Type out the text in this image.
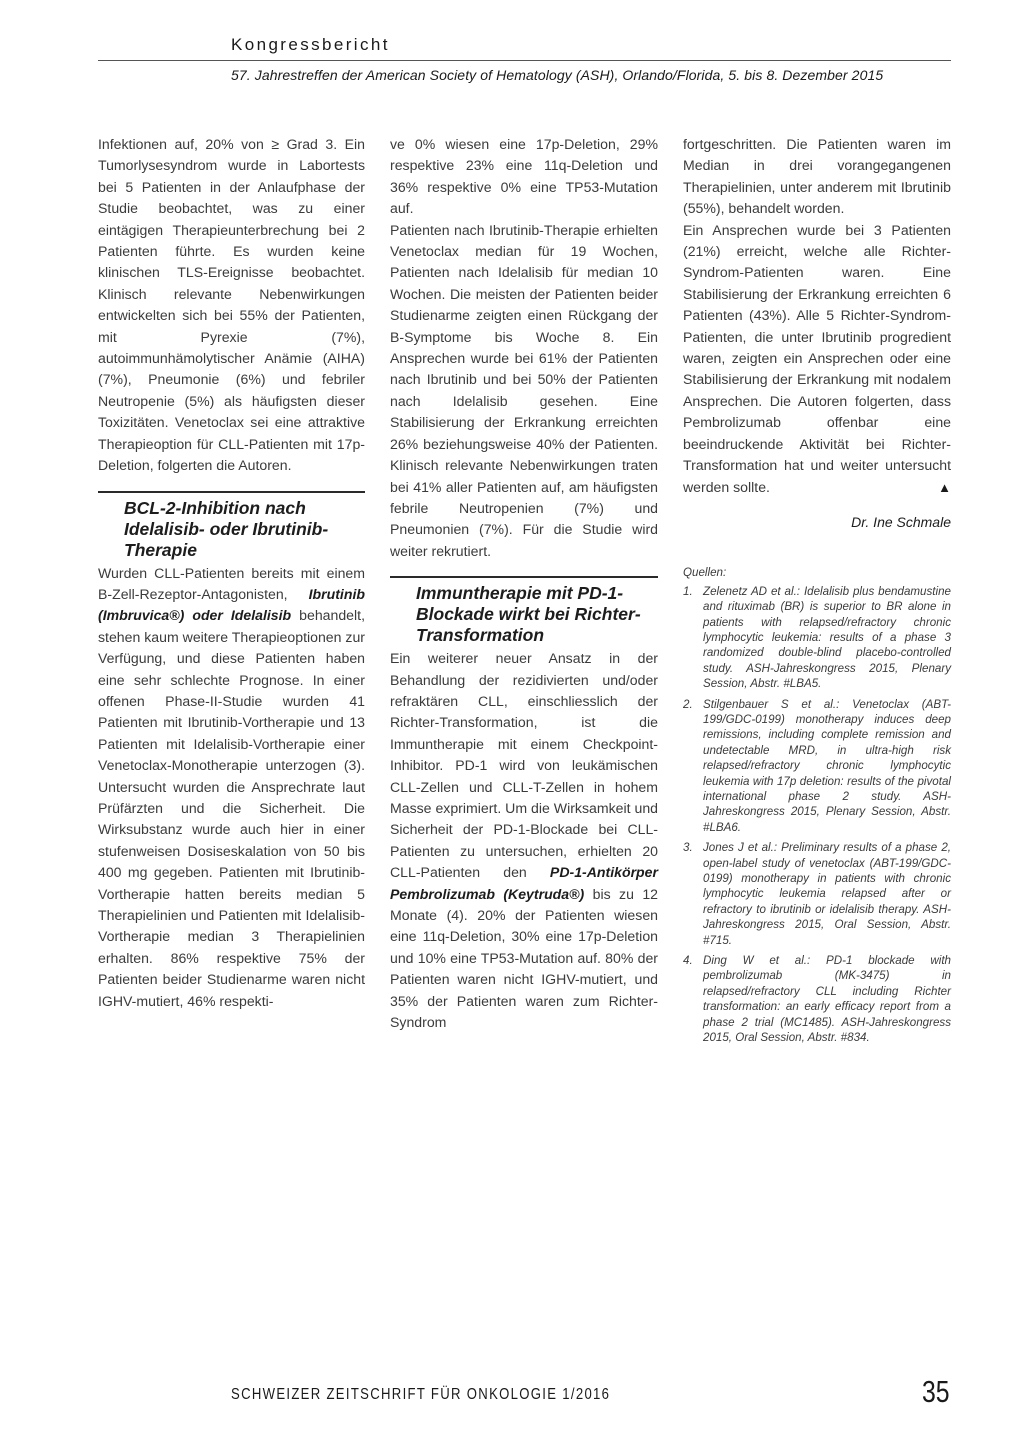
Kongressbericht
57. Jahrestreffen der American Society of Hematology (ASH), Orlando/Florida, 5. bis 8. Dezember 2015

Infektionen auf, 20% von ≥ Grad 3. Ein Tumorlysesyndrom wurde in Labortests bei 5 Patienten in der Anlaufphase der Studie beobachtet, was zu einer eintägigen Therapieunterbrechung bei 2 Patienten führte. Es wurden keine klinischen TLS-Ereignisse beobachtet. Klinisch relevante Nebenwirkungen entwickelten sich bei 55% der Patienten, mit Pyrexie (7%), autoimmunhämolytischer Anämie (AIHA) (7%), Pneumonie (6%) und febriler Neutropenie (5%) als häufigsten dieser Toxizitäten. Venetoclax sei eine attraktive Therapieoption für CLL-Patienten mit 17p-Deletion, folgerten die Autoren.

BCL-2-Inhibition nach Idelalisib- oder Ibrutinib-Therapie

Wurden CLL-Patienten bereits mit einem B-Zell-Rezeptor-Antagonisten, Ibrutinib (Imbruvica®) oder Idelalisib behandelt, stehen kaum weitere Therapieoptionen zur Verfügung, und diese Patienten haben eine sehr schlechte Prognose. In einer offenen Phase-II-Studie wurden 41 Patienten mit Ibrutinib-Vortherapie und 13 Patienten mit Idelalisib-Vortherapie einer Venetoclax-Monotherapie unterzogen (3). Untersucht wurden die Ansprechrate laut Prüfärzten und die Sicherheit. Die Wirksubstanz wurde auch hier in einer stufenweisen Dosiseskalation von 50 bis 400 mg gegeben. Patienten mit Ibrutinib-Vortherapie hatten bereits median 5 Therapielinien und Patienten mit Idelalisib-Vortherapie median 3 Therapielinien erhalten. 86% respektive 75% der Patienten beider Studienarme waren nicht IGHV-mutiert, 46% respekti-

ve 0% wiesen eine 17p-Deletion, 29% respektive 23% eine 11q-Deletion und 36% respektive 0% eine TP53-Mutation auf.

Patienten nach Ibrutinib-Therapie erhielten Venetoclax median für 19 Wochen, Patienten nach Idelalisib für median 10 Wochen. Die meisten der Patienten beider Studienarme zeigten einen Rückgang der B-Symptome bis Woche 8. Ein Ansprechen wurde bei 61% der Patienten nach Ibrutinib und bei 50% der Patienten nach Idelalisib gesehen. Eine Stabilisierung der Erkrankung erreichten 26% beziehungsweise 40% der Patienten. Klinisch relevante Nebenwirkungen traten bei 41% aller Patienten auf, am häufigsten febrile Neutropenien (7%) und Pneumonien (7%). Für die Studie wird weiter rekrutiert.

Immuntherapie mit PD-1-Blockade wirkt bei Richter-Transformation

Ein weiterer neuer Ansatz in der Behandlung der rezidivierten und/oder refraktären CLL, einschliesslich der Richter-Transformation, ist die Immuntherapie mit einem Checkpoint-Inhibitor. PD-1 wird von leukämischen CLL-Zellen und CLL-T-Zellen in hohem Masse exprimiert. Um die Wirksamkeit und Sicherheit der PD-1-Blockade bei CLL-Patienten zu untersuchen, erhielten 20 CLL-Patienten den PD-1-Antikörper Pembrolizumab (Keytruda®) bis zu 12 Monate (4). 20% der Patienten wiesen eine 11q-Deletion, 30% eine 17p-Deletion und 10% eine TP53-Mutation auf. 80% der Patienten waren nicht IGHV-mutiert, und 35% der Patienten waren zum Richter-Syndrom

fortgeschritten. Die Patienten waren im Median in drei vorangegangenen Therapielinien, unter anderem mit Ibrutinib (55%), behandelt worden.

Ein Ansprechen wurde bei 3 Patienten (21%) erreicht, welche alle Richter-Syndrom-Patienten waren. Eine Stabilisierung der Erkrankung erreichten 6 Patienten (43%). Alle 5 Richter-Syndrom-Patienten, die unter Ibrutinib progredient waren, zeigten ein Ansprechen oder eine Stabilisierung der Erkrankung mit nodalem Ansprechen. Die Autoren folgerten, dass Pembrolizumab offenbar eine beeindruckende Aktivität bei Richter-Transformation hat und weiter untersucht werden sollte.	▲

Dr. Ine Schmale
Quellen:
1. Zelenetz AD et al.: Idelalisib plus bendamustine and rituximab (BR) is superior to BR alone in patients with relapsed/refractory chronic lymphocytic leukemia: results of a phase 3 randomized double-blind placebo-controlled study. ASH-Jahreskongress 2015, Plenary Session, Abstr. #LBA5.
2. Stilgenbauer S et al.: Venetoclax (ABT-199/GDC-0199) monotherapy induces deep remissions, including complete remission and undetectable MRD, in ultra-high risk relapsed/refractory chronic lymphocytic leukemia with 17p deletion: results of the pivotal international phase 2 study. ASH-Jahreskongress 2015, Plenary Session, Abstr. #LBA6.
3. Jones J et al.: Preliminary results of a phase 2, open-label study of venetoclax (ABT-199/GDC-0199) monotherapy in patients with chronic lymphocytic leukemia relapsed after or refractory to ibrutinib or idelalisib therapy. ASH-Jahreskongress 2015, Oral Session, Abstr. #715.
4. Ding W et al.: PD-1 blockade with pembrolizumab (MK-3475) in relapsed/refractory CLL including Richter transformation: an early efficacy report from a phase 2 trial (MC1485). ASH-Jahreskongress 2015, Oral Session, Abstr. #834.
SCHWEIZER ZEITSCHRIFT FÜR ONKOLOGIE 1/2016	35
